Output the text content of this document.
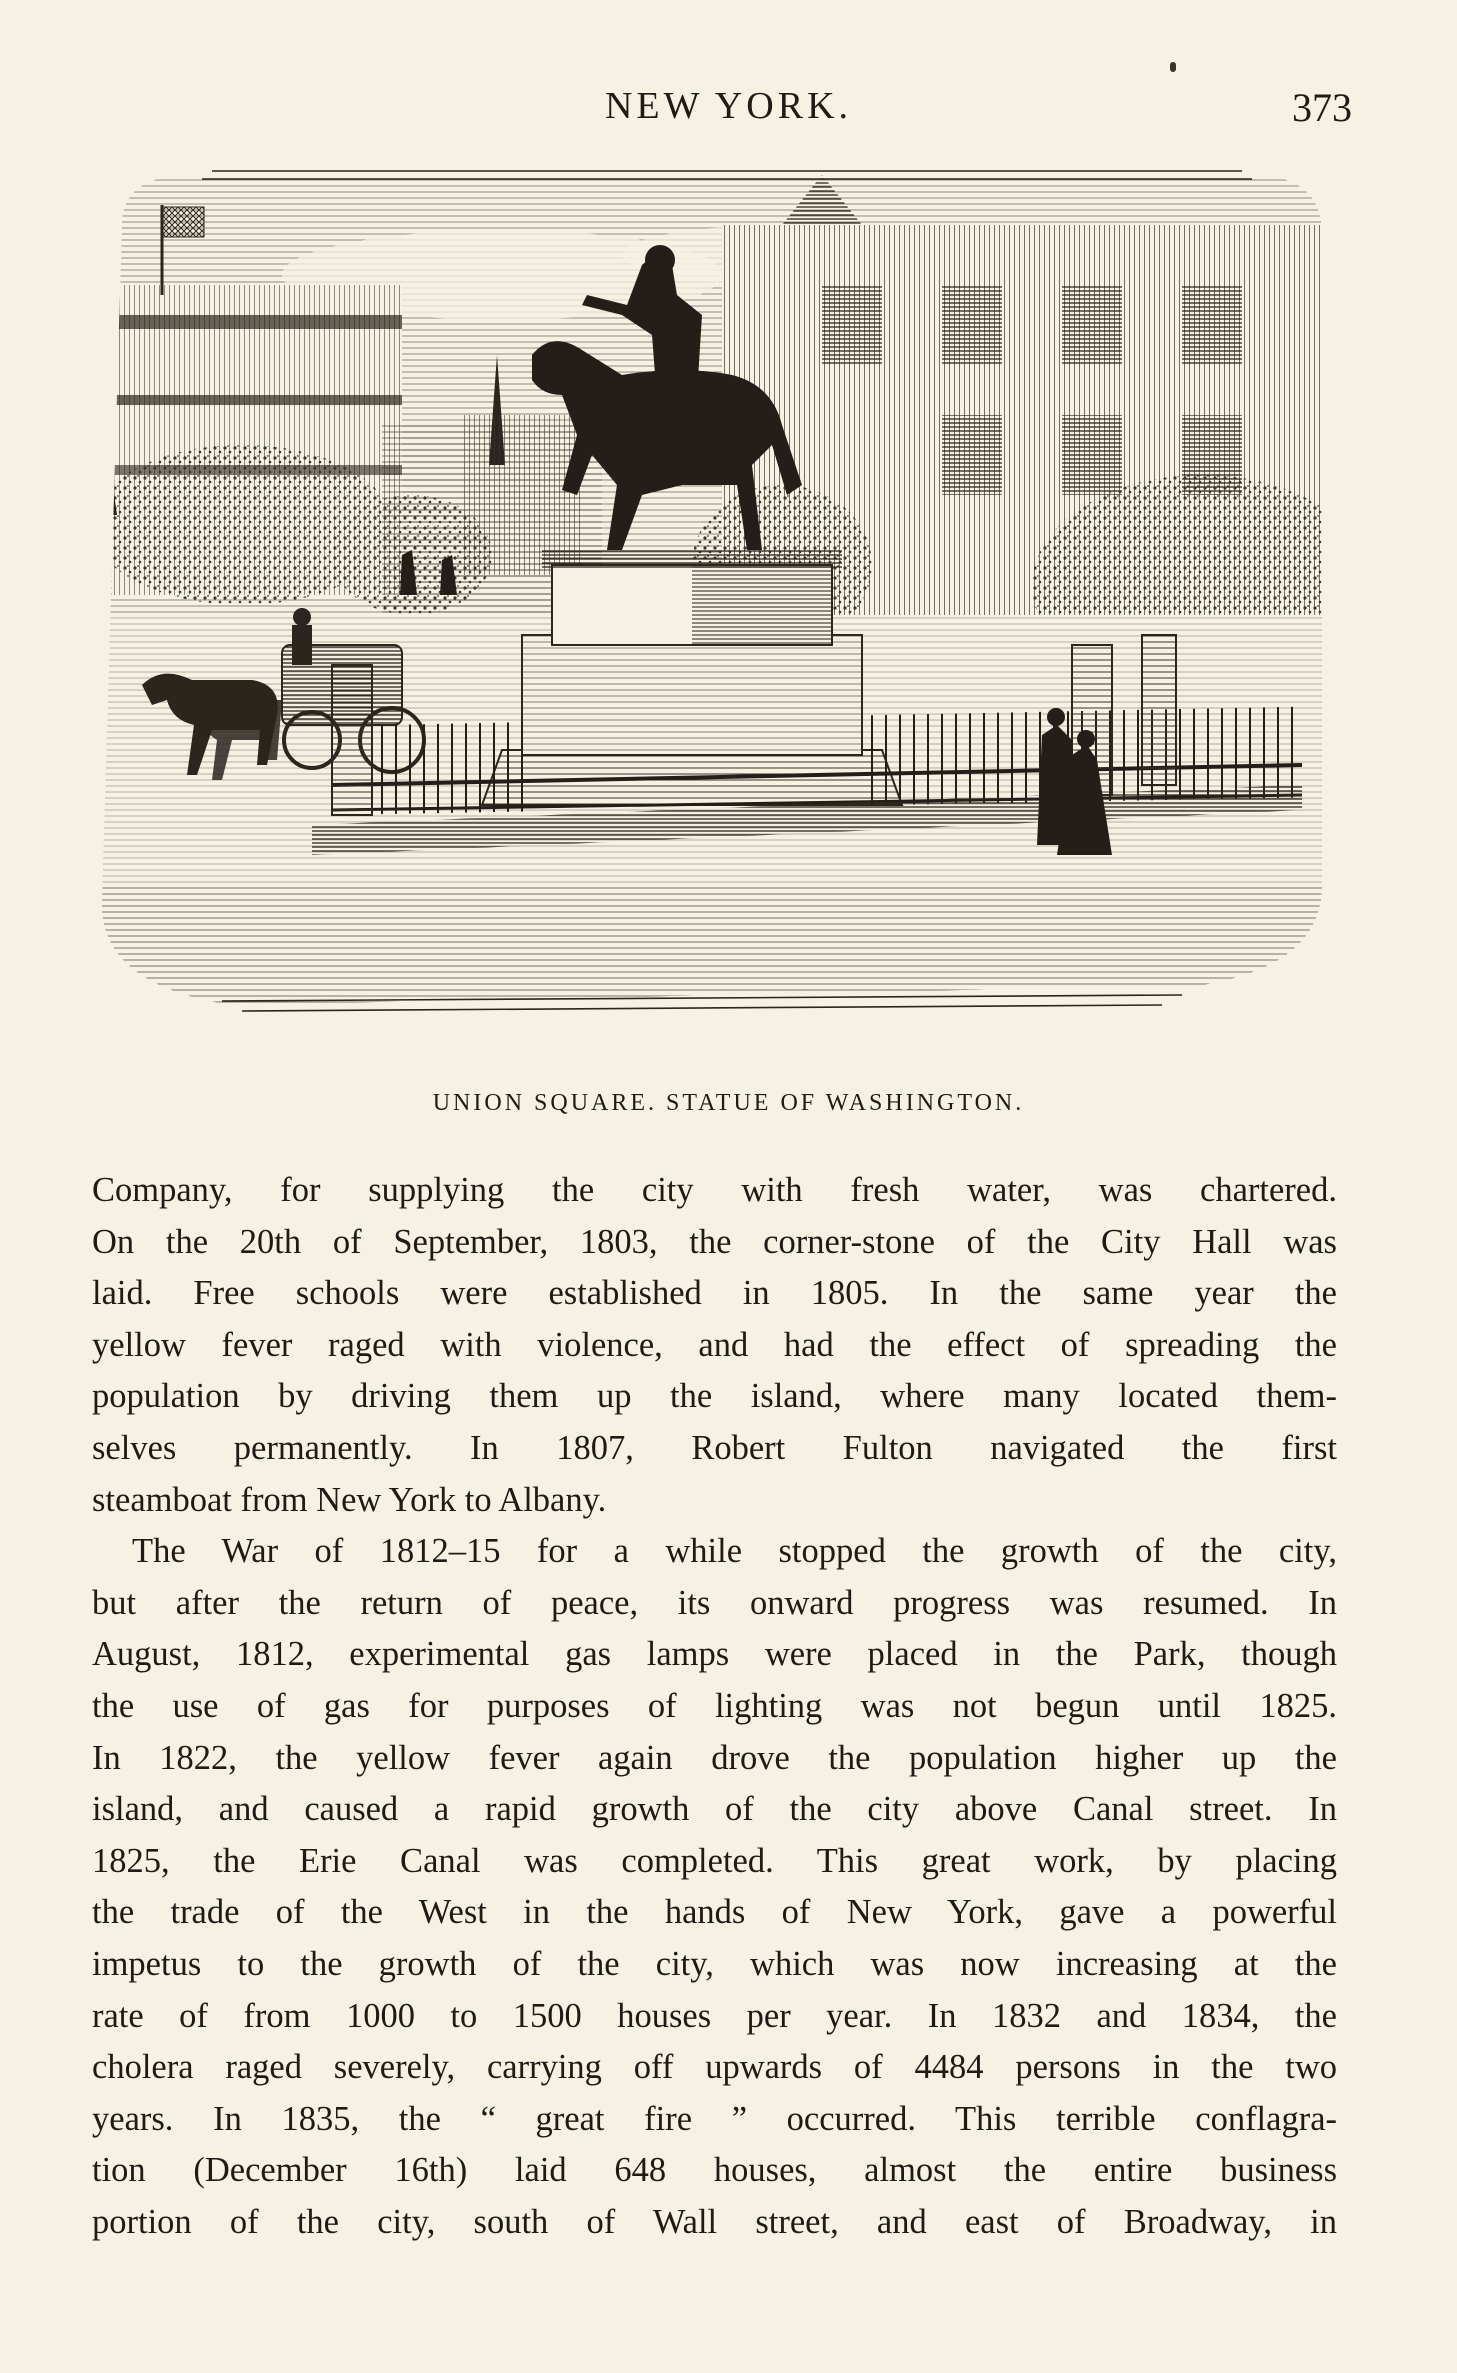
NEW YORK.	373
UNION SQUARE. STATUE OF WASHINGTON.
Company, for supplying the city with fresh water, was chartered.
On the 20th of September, 1803, the corner-stone of the City Hall was
laid. Free schools were established in 1805. In the same year the
yellow fever raged with violence, and had the effect of spreading the
population by driving them up the island, where many located them-
selves permanently. In 1807, Robert Fulton navigated the first
steamboat from New York to Albany.
The War of 1812–15 for a while stopped the growth of the city,
but after the return of peace, its onward progress was resumed. In
August, 1812, experimental gas lamps were placed in the Park, though
the use of gas for purposes of lighting was not begun until 1825.
In 1822, the yellow fever again drove the population higher up the
island, and caused a rapid growth of the city above Canal street. In
1825, the Erie Canal was completed. This great work, by placing
the trade of the West in the hands of New York, gave a powerful
impetus to the growth of the city, which was now increasing at the
rate of from 1000 to 1500 houses per year. In 1832 and 1834, the
cholera raged severely, carrying off upwards of 4484 persons in the two
years. In 1835, the “ great fire ” occurred. This terrible conflagra-
tion (December 16th) laid 648 houses, almost the entire business
portion of the city, south of Wall street, and east of Broadway, in
